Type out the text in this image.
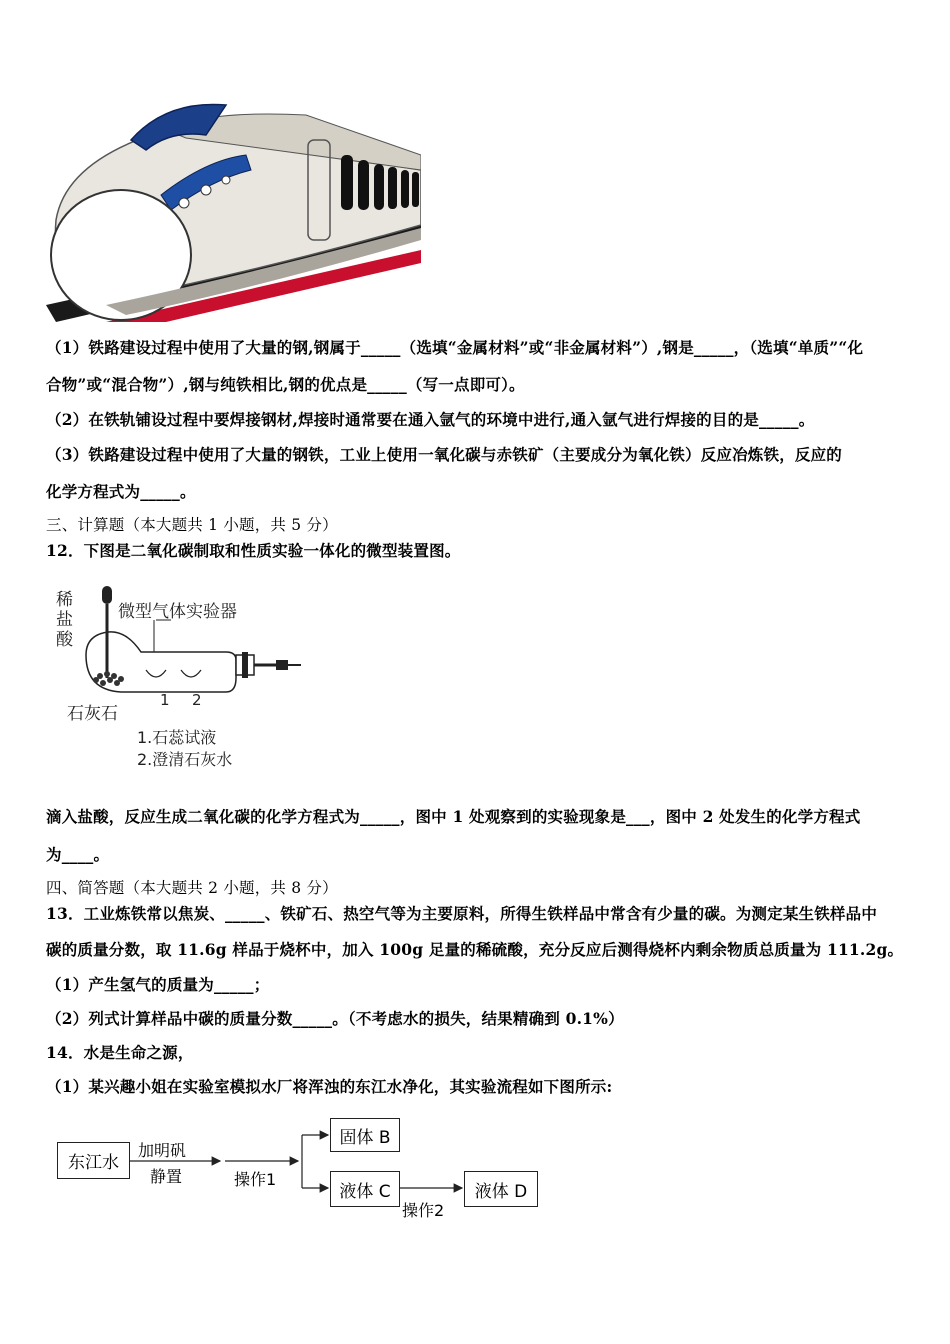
（1）铁路建设过程中使用了大量的钢,钢属于_____（选填“金属材料”或“非金属材料”）,钢是_____，（选填“单质”“化
合物”或“混合物”）,钢与纯铁相比,钢的优点是_____（写一点即可）。
（2）在铁轨铺设过程中要焊接钢材,焊接时通常要在通入氩气的环境中进行,通入氩气进行焊接的目的是_____。
（3）铁路建设过程中使用了大量的钢铁，工业上使用一氧化碳与赤铁矿（主要成分为氧化铁）反应冶炼铁，反应的
化学方程式为_____。
三、计算题（本大题共 1 小题，共 5 分）
12．下图是二氧化碳制取和性质实验一体化的微型装置图。
稀盐酸	微型气体实验器
石灰石
1 2
1.石蕊试液
2.澄清石灰水
滴入盐酸，反应生成二氧化碳的化学方程式为_____，图中 1 处观察到的实验现象是___，图中 2 处发生的化学方程式
为____。
四、简答题（本大题共 2 小题，共 8 分）
13．工业炼铁常以焦炭、_____、铁矿石、热空气等为主要原料，所得生铁样品中常含有少量的碳。为测定某生铁样品中
碳的质量分数，取 11.6g 样品于烧杯中，加入 100g 足量的稀硫酸，充分反应后测得烧杯内剩余物质总质量为 111.2g。
（1）产生氢气的质量为_____；
（2）列式计算样品中碳的质量分数_____。（不考虑水的损失，结果精确到 0.1%）
14．水是生命之源，
（1）某兴趣小姐在实验室模拟水厂将浑浊的东江水净化，其实验流程如下图所示:
东江水
加明矾
静置	操作1
固体 B
液体 C
操作2
液体 D
